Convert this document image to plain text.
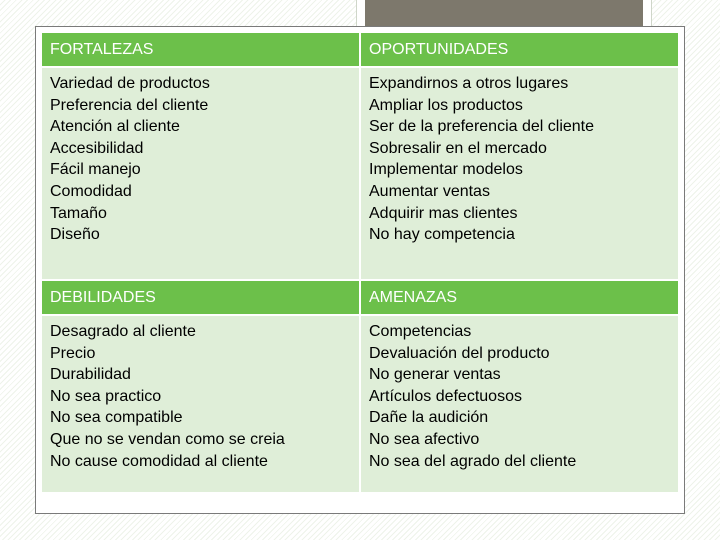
FORTALEZAS	OPORTUNIDADES
Variedad de productos
Preferencia del cliente
Atención al cliente
Accesibilidad
Fácil manejo
Comodidad
Tamaño
Diseño
Expandirnos a otros lugares
Ampliar los productos
Ser de la preferencia del cliente
Sobresalir en el mercado
Implementar modelos
Aumentar ventas
Adquirir mas clientes
No hay competencia
DEBILIDADES	AMENAZAS
Desagrado al cliente
Precio
Durabilidad
No sea practico
No sea compatible
Que no se vendan como se creia
No cause comodidad al cliente
Competencias
Devaluación del producto
No generar ventas
Artículos defectuosos
Dañe la audición
No sea afectivo
No sea del agrado del cliente
